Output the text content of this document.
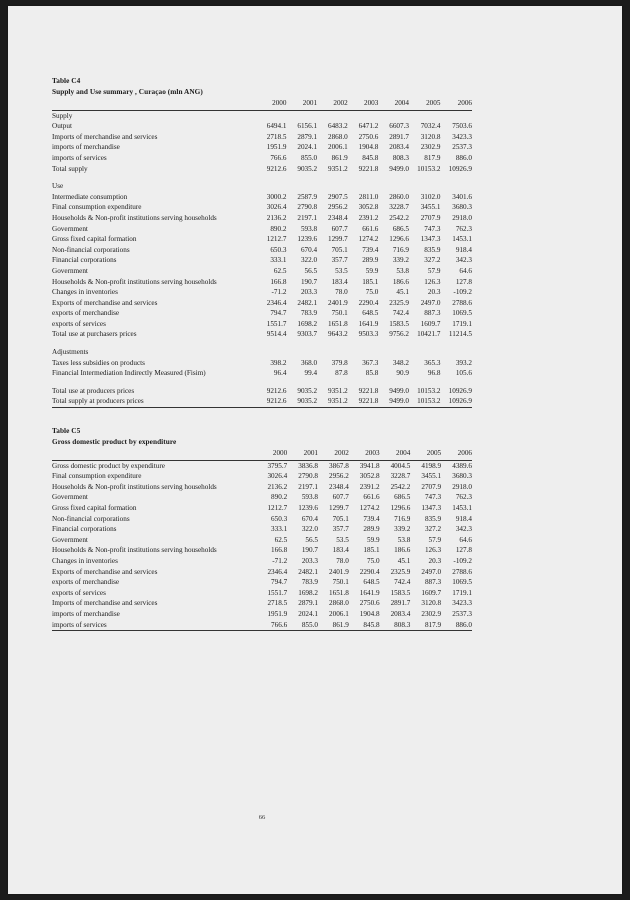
Table C4
Supply and Use summary , Curaçao (mln ANG)
	2000	2001	2002	2003	2004	2005	2006
Supply							
Output	6494.1	6156.1	6483.2	6471.2	6607.3	7032.4	7503.6
Imports of merchandise and services	2718.5	2879.1	2868.0	2750.6	2891.7	3120.8	3423.3
imports of merchandise	1951.9	2024.1	2006.1	1904.8	2083.4	2302.9	2537.3
imports of services	766.6	855.0	861.9	845.8	808.3	817.9	886.0
Total supply	9212.6	9035.2	9351.2	9221.8	9499.0	10153.2	10926.9

Use							
Intermediate consumption	3000.2	2587.9	2907.5	2811.0	2860.0	3102.0	3401.6
Final consumption expenditure	3026.4	2790.8	2956.2	3052.8	3228.7	3455.1	3680.3
Households & Non-profit institutions serving households	2136.2	2197.1	2348.4	2391.2	2542.2	2707.9	2918.0
Government	890.2	593.8	607.7	661.6	686.5	747.3	762.3
Gross fixed capital formation	1212.7	1239.6	1299.7	1274.2	1296.6	1347.3	1453.1
Non-financial corporations	650.3	670.4	705.1	739.4	716.9	835.9	918.4
Financial corporations	333.1	322.0	357.7	289.9	339.2	327.2	342.3
Government	62.5	56.5	53.5	59.9	53.8	57.9	64.6
Households & Non-profit institutions serving households	166.8	190.7	183.4	185.1	186.6	126.3	127.8
Changes in inventories	-71.2	203.3	78.0	75.0	45.1	20.3	-109.2
Exports of merchandise and services	2346.4	2482.1	2401.9	2290.4	2325.9	2497.0	2788.6
exports of merchandise	794.7	783.9	750.1	648.5	742.4	887.3	1069.5
exports of services	1551.7	1698.2	1651.8	1641.9	1583.5	1609.7	1719.1
Total use at purchasers prices	9514.4	9303.7	9643.2	9503.3	9756.2	10421.7	11214.5

Adjustments							
Taxes less subsidies on products	398.2	368.0	379.8	367.3	348.2	365.3	393.2
Financial Intermediation Indirectly Measured (Fisim)	96.4	99.4	87.8	85.8	90.9	96.8	105.6

Total use at producers prices	9212.6	9035.2	9351.2	9221.8	9499.0	10153.2	10926.9
Total supply at producers prices	9212.6	9035.2	9351.2	9221.8	9499.0	10153.2	10926.9
Table C5
Gross domestic product by expenditure
	2000	2001	2002	2003	2004	2005	2006
Gross domestic product by expenditure	3795.7	3836.8	3867.8	3941.8	4004.5	4198.9	4389.6
Final consumption expenditure	3026.4	2790.8	2956.2	3052.8	3228.7	3455.1	3680.3
Households & Non-profit institutions serving households	2136.2	2197.1	2348.4	2391.2	2542.2	2707.9	2918.0
Government	890.2	593.8	607.7	661.6	686.5	747.3	762.3
Gross fixed capital formation	1212.7	1239.6	1299.7	1274.2	1296.6	1347.3	1453.1
Non-financial corporations	650.3	670.4	705.1	739.4	716.9	835.9	918.4
Financial corporations	333.1	322.0	357.7	289.9	339.2	327.2	342.3
Government	62.5	56.5	53.5	59.9	53.8	57.9	64.6
Households & Non-profit institutions serving households	166.8	190.7	183.4	185.1	186.6	126.3	127.8
Changes in inventories	-71.2	203.3	78.0	75.0	45.1	20.3	-109.2
Exports of merchandise and services	2346.4	2482.1	2401.9	2290.4	2325.9	2497.0	2788.6
exports of merchandise	794.7	783.9	750.1	648.5	742.4	887.3	1069.5
exports of services	1551.7	1698.2	1651.8	1641.9	1583.5	1609.7	1719.1
Imports of merchandise and services	2718.5	2879.1	2868.0	2750.6	2891.7	3120.8	3423.3
imports of merchandise	1951.9	2024.1	2006.1	1904.8	2083.4	2302.9	2537.3
imports of services	766.6	855.0	861.9	845.8	808.3	817.9	886.0
66
